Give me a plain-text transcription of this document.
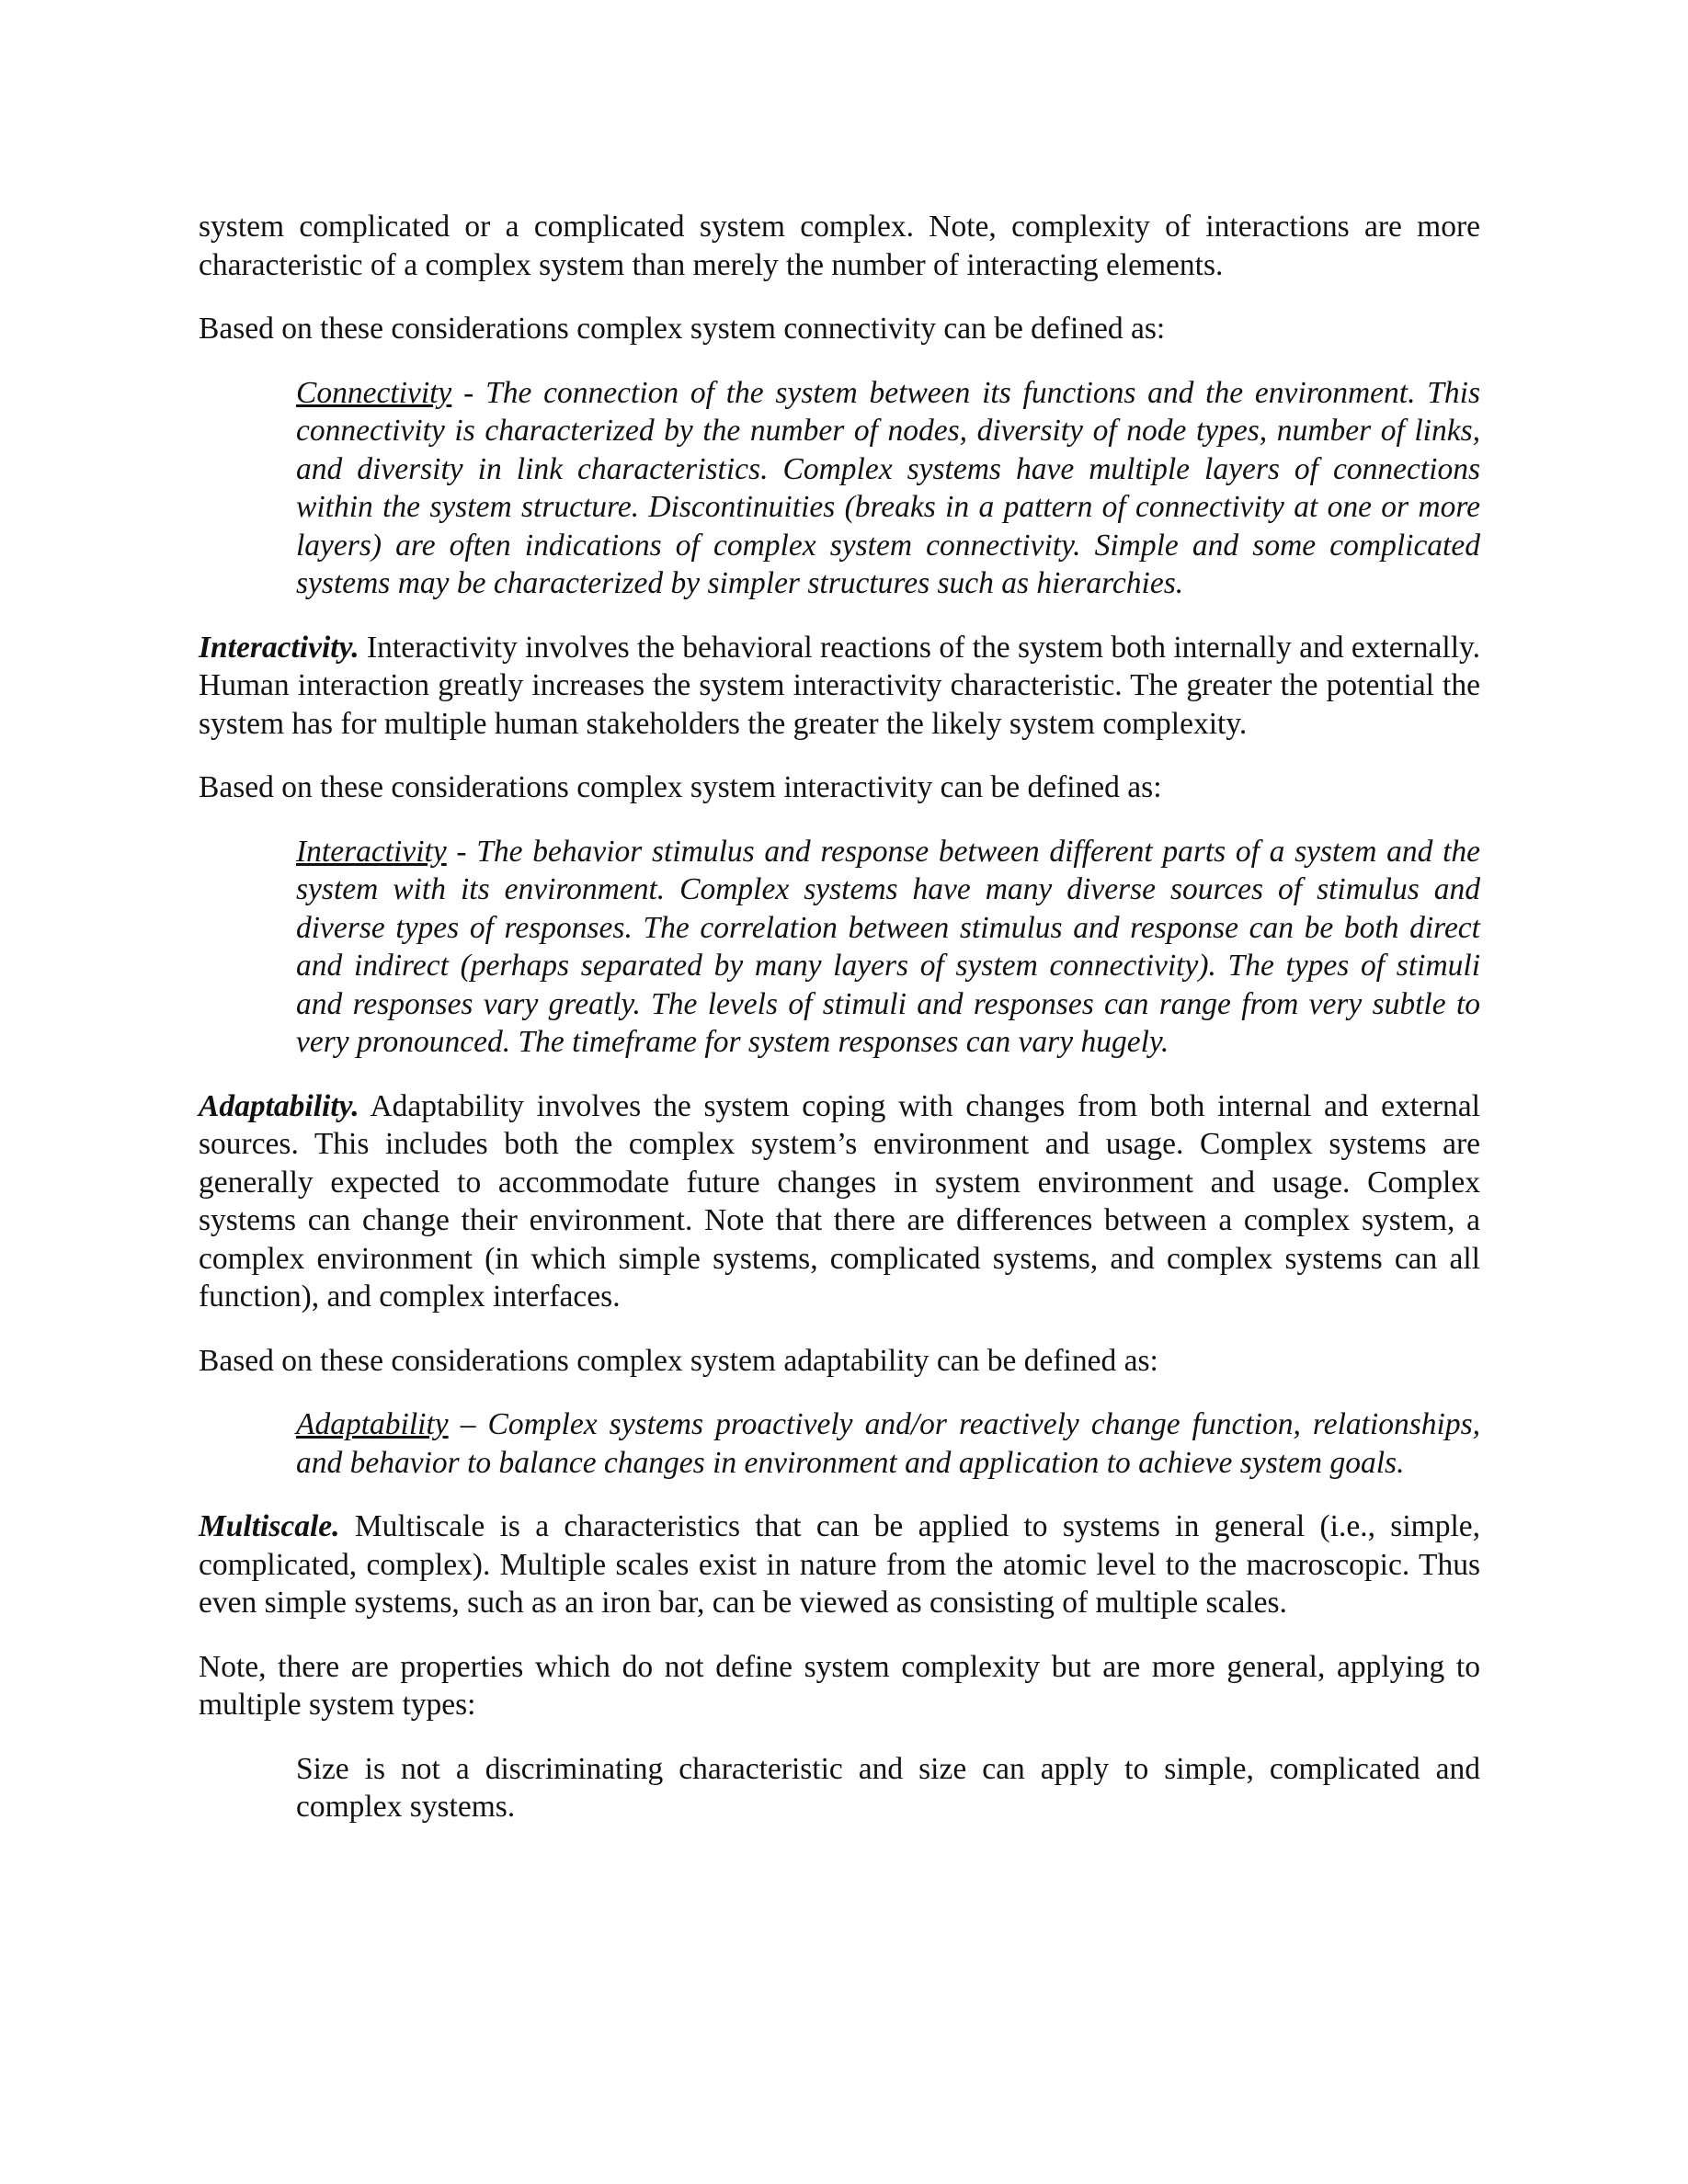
system complicated or a complicated system complex. Note, complexity of interactions are more characteristic of a complex system than merely the number of interacting elements.

Based on these considerations complex system connectivity can be defined as:

Connectivity - The connection of the system between its functions and the environment. This connectivity is characterized by the number of nodes, diversity of node types, number of links, and diversity in link characteristics. Complex systems have multiple layers of connections within the system structure. Discontinuities (breaks in a pattern of connectivity at one or more layers) are often indications of complex system connectivity. Simple and some complicated systems may be characterized by simpler structures such as hierarchies.

Interactivity. Interactivity involves the behavioral reactions of the system both internally and externally. Human interaction greatly increases the system interactivity characteristic. The greater the potential the system has for multiple human stakeholders the greater the likely system complexity.

Based on these considerations complex system interactivity can be defined as:

Interactivity - The behavior stimulus and response between different parts of a system and the system with its environment. Complex systems have many diverse sources of stimulus and diverse types of responses. The correlation between stimulus and response can be both direct and indirect (perhaps separated by many layers of system connectivity). The types of stimuli and responses vary greatly. The levels of stimuli and responses can range from very subtle to very pronounced. The timeframe for system responses can vary hugely.

Adaptability. Adaptability involves the system coping with changes from both internal and external sources. This includes both the complex system’s environment and usage. Complex systems are generally expected to accommodate future changes in system environment and usage. Complex systems can change their environment. Note that there are differences between a complex system, a complex environment (in which simple systems, complicated systems, and complex systems can all function), and complex interfaces.

Based on these considerations complex system adaptability can be defined as:

Adaptability – Complex systems proactively and/or reactively change function, relationships, and behavior to balance changes in environment and application to achieve system goals.

Multiscale. Multiscale is a characteristics that can be applied to systems in general (i.e., simple, complicated, complex). Multiple scales exist in nature from the atomic level to the macroscopic. Thus even simple systems, such as an iron bar, can be viewed as consisting of multiple scales.

Note, there are properties which do not define system complexity but are more general, applying to multiple system types:

Size is not a discriminating characteristic and size can apply to simple, complicated and complex systems.
